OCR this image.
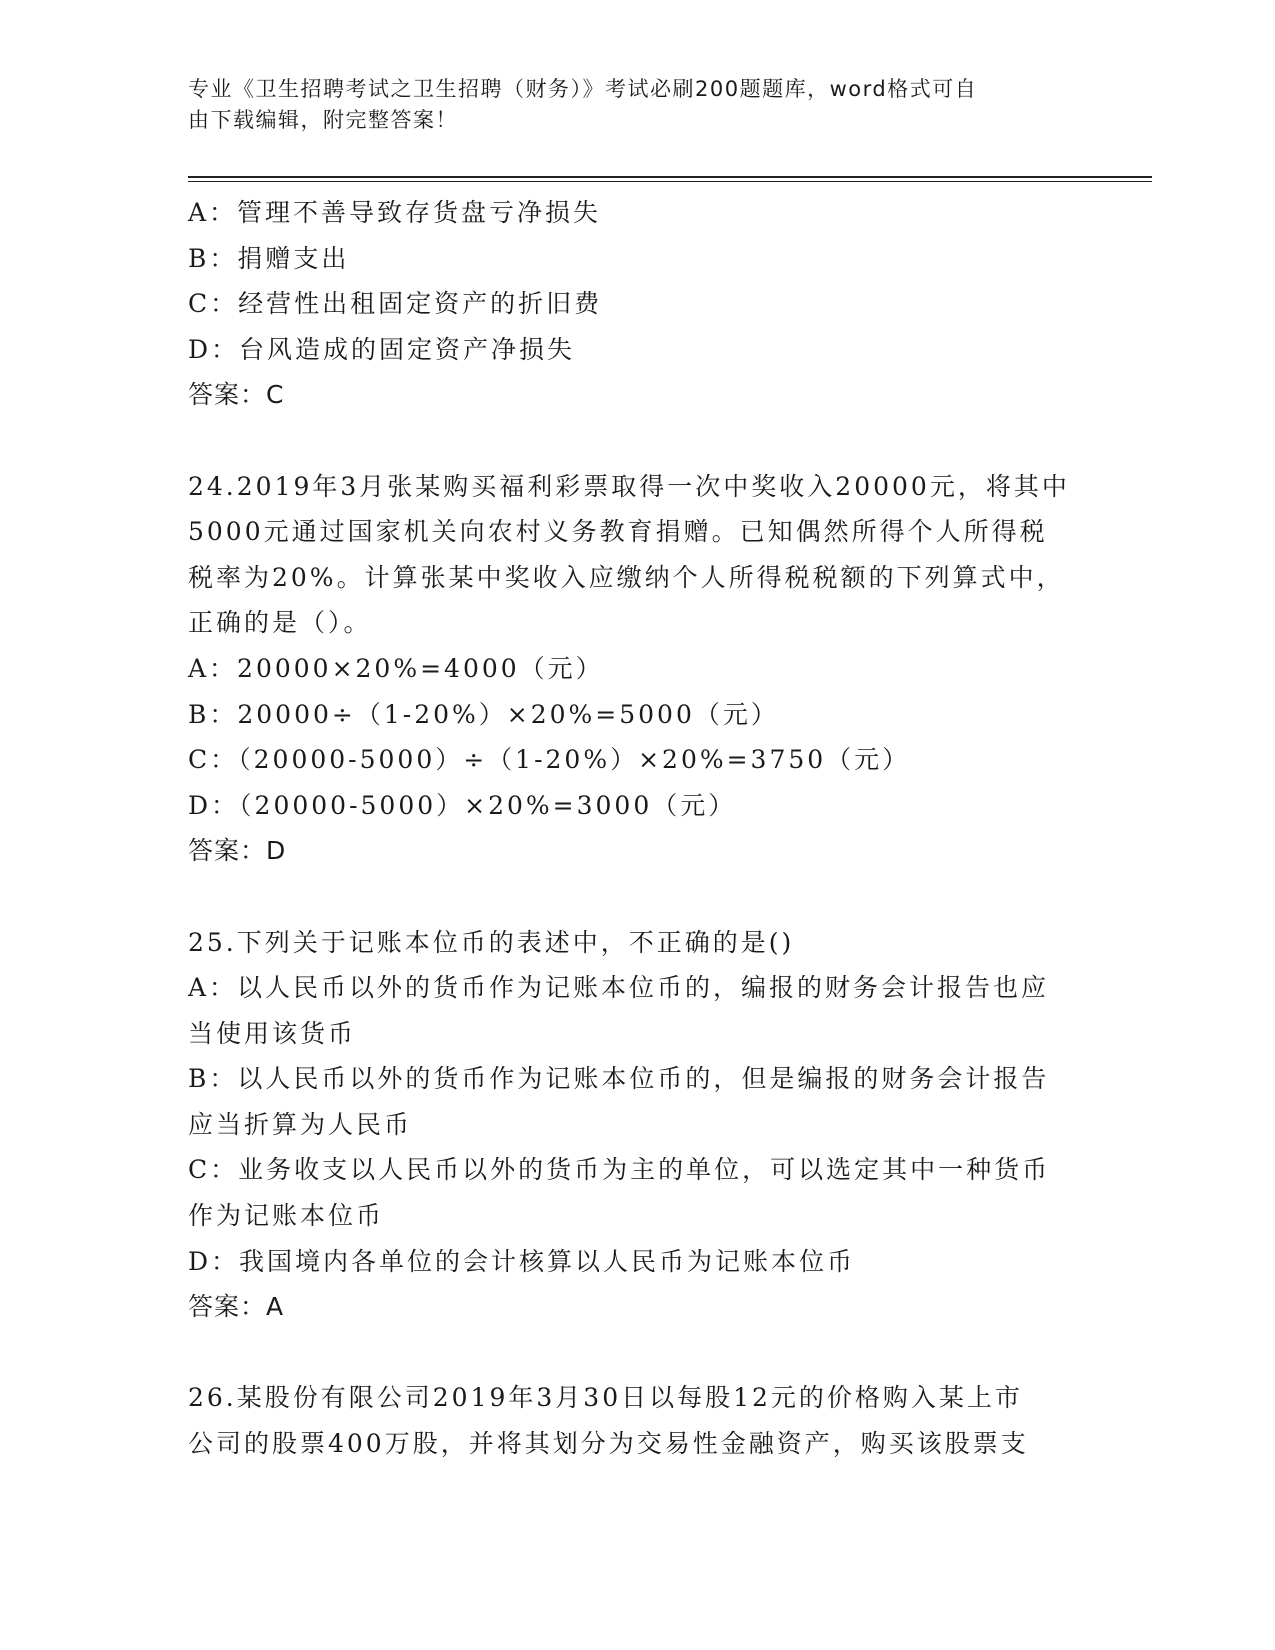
专业《卫生招聘考试之卫生招聘（财务）》考试必刷200题题库，word格式可自
由下载编辑，附完整答案！
A：管理不善导致存货盘亏净损失
B：捐赠支出
C：经营性出租固定资产的折旧费
D：台风造成的固定资产净损失
答案：C
24.2019年3月张某购买福利彩票取得一次中奖收入20000元，将其中
5000元通过国家机关向农村义务教育捐赠。已知偶然所得个人所得税
税率为20%。计算张某中奖收入应缴纳个人所得税税额的下列算式中，
正确的是（）。
A：20000×20%=4000（元）
B：20000÷（1-20%）×20%=5000（元）
C：（20000-5000）÷（1-20%）×20%=3750（元）
D：（20000-5000）×20%=3000（元）
答案：D
25.下列关于记账本位币的表述中，不正确的是()
A：以人民币以外的货币作为记账本位币的，编报的财务会计报告也应
当使用该货币
B：以人民币以外的货币作为记账本位币的，但是编报的财务会计报告
应当折算为人民币
C：业务收支以人民币以外的货币为主的单位，可以选定其中一种货币
作为记账本位币
D：我国境内各单位的会计核算以人民币为记账本位币
答案：A
26.某股份有限公司2019年3月30日以每股12元的价格购入某上市
公司的股票400万股，并将其划分为交易性金融资产，购买该股票支
